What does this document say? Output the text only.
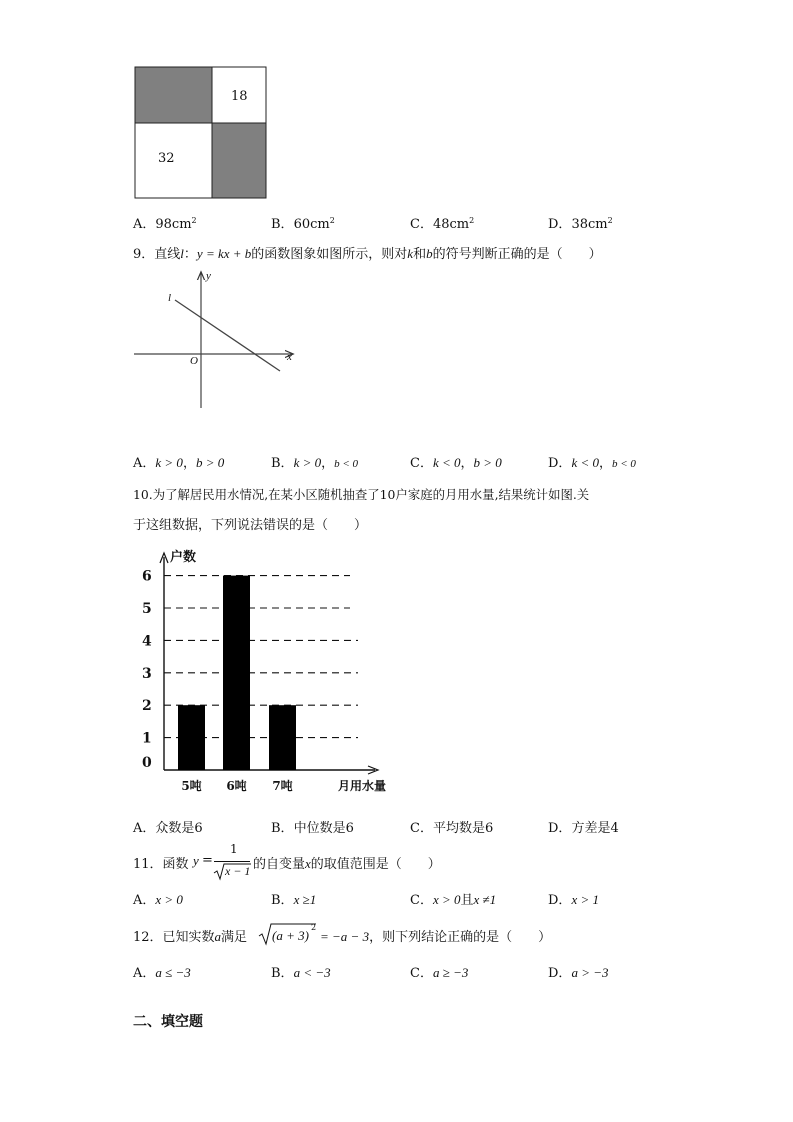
18
32
A．$98cm^2$	B．$60cm^2$	C．$48cm^2$	D．$38cm^2$
9．直线l：y = kx + b的函数图象如图所示，则对k和b的符号判断正确的是（　　）
y
x
O
l
A．k > 0，b > 0	B．k > 0，b < 0	C．k < 0，b > 0	D．k < 0，b < 0
10.为了解居民用水情况,在某小区随机抽查了10户家庭的月用水量,结果统计如图.关
于这组数据，下列说法错误的是（　　）
0
1
2
3
4
5
6
户数
5吨 6吨 7吨	月用水量
A．众数是6	B．中位数是6	C．平均数是6	D．方差是4
11．函数 y =
1
x − 1 的自变量x的取值范围是（　　）
A．x > 0	B．x ≥1	C．x > 0且x ≠1	D．x > 1
12．已知实数a满足 (a + 3)
2
= −a − 3，则下列结论正确的是（　　）
A．a ≤ −3	B．a < −3	C．a ≥ −3	D．a > −3
二、填空题
